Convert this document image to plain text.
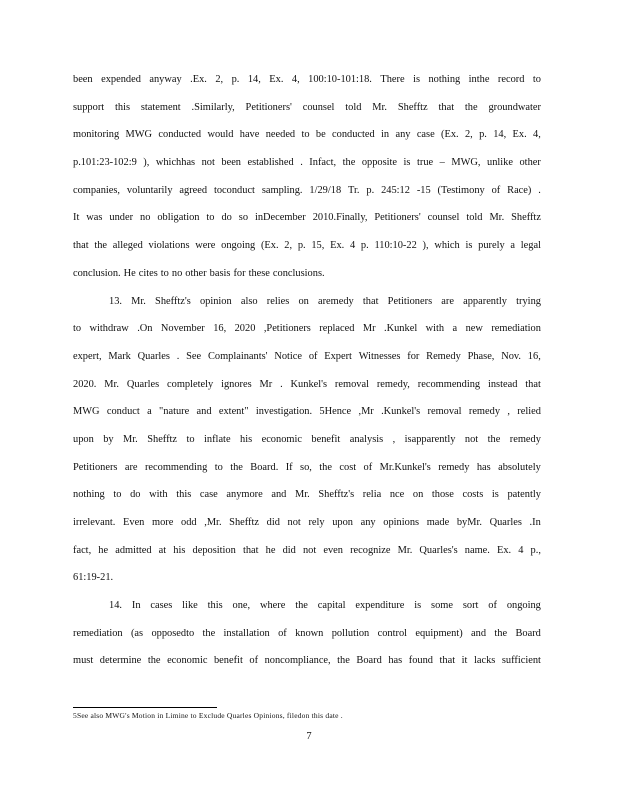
been expended anyway .Ex. 2, p. 14, Ex. 4, 100:10-101:18. There is nothing inthe record to
support this statement .Similarly, Petitioners' counsel told Mr. Shefftz that the groundwater
monitoring MWG conducted would have needed to be conducted in any case (Ex. 2, p. 14, Ex. 4,
p.101:23-102:9 ), whichhas not been established . Infact, the opposite is true – MWG, unlike other
companies, voluntarily agreed toconduct sampling. 1/29/18 Tr. p. 245:12 -15 (Testimony of Race) .
It was under no obligation to do so inDecember 2010.Finally, Petitioners' counsel told Mr. Shefftz
that the alleged violations were ongoing (Ex. 2, p. 15, Ex. 4 p. 110:10-22 ), which is purely a legal
conclusion. He cites to no other basis for these conclusions.
13. Mr. Shefftz's opinion also relies on aremedy that Petitioners are apparently trying
to withdraw .On November 16, 2020 ,Petitioners replaced Mr .Kunkel with a new remediation
expert, Mark Quarles . See Complainants' Notice of Expert Witnesses for Remedy Phase, Nov. 16,
2020. Mr. Quarles completely ignores Mr . Kunkel's removal remedy, recommending instead that
MWG conduct a "nature and extent" investigation. 5Hence ,Mr .Kunkel's removal remedy , relied
upon by Mr. Shefftz to inflate his economic benefit analysis , isapparently not the remedy
Petitioners are recommending to the Board. If so, the cost of Mr.Kunkel's remedy has absolutely
nothing to do with this case anymore and Mr. Shefftz's relia nce on those costs is patently
irrelevant. Even more odd ,Mr. Shefftz did not rely upon any opinions made byMr. Quarles .In
fact, he admitted at his deposition that he did not even recognize Mr. Quarles's name. Ex. 4 p.,
61:19-21.
14. In cases like this one, where the capital expenditure is some sort of ongoing
remediation (as opposedto the installation of known pollution control equipment) and the Board
must determine the economic benefit of noncompliance, the Board has found that it lacks sufficient
5See also MWG's Motion in Limine to Exclude Quarles Opinions, filedon this date .
7
